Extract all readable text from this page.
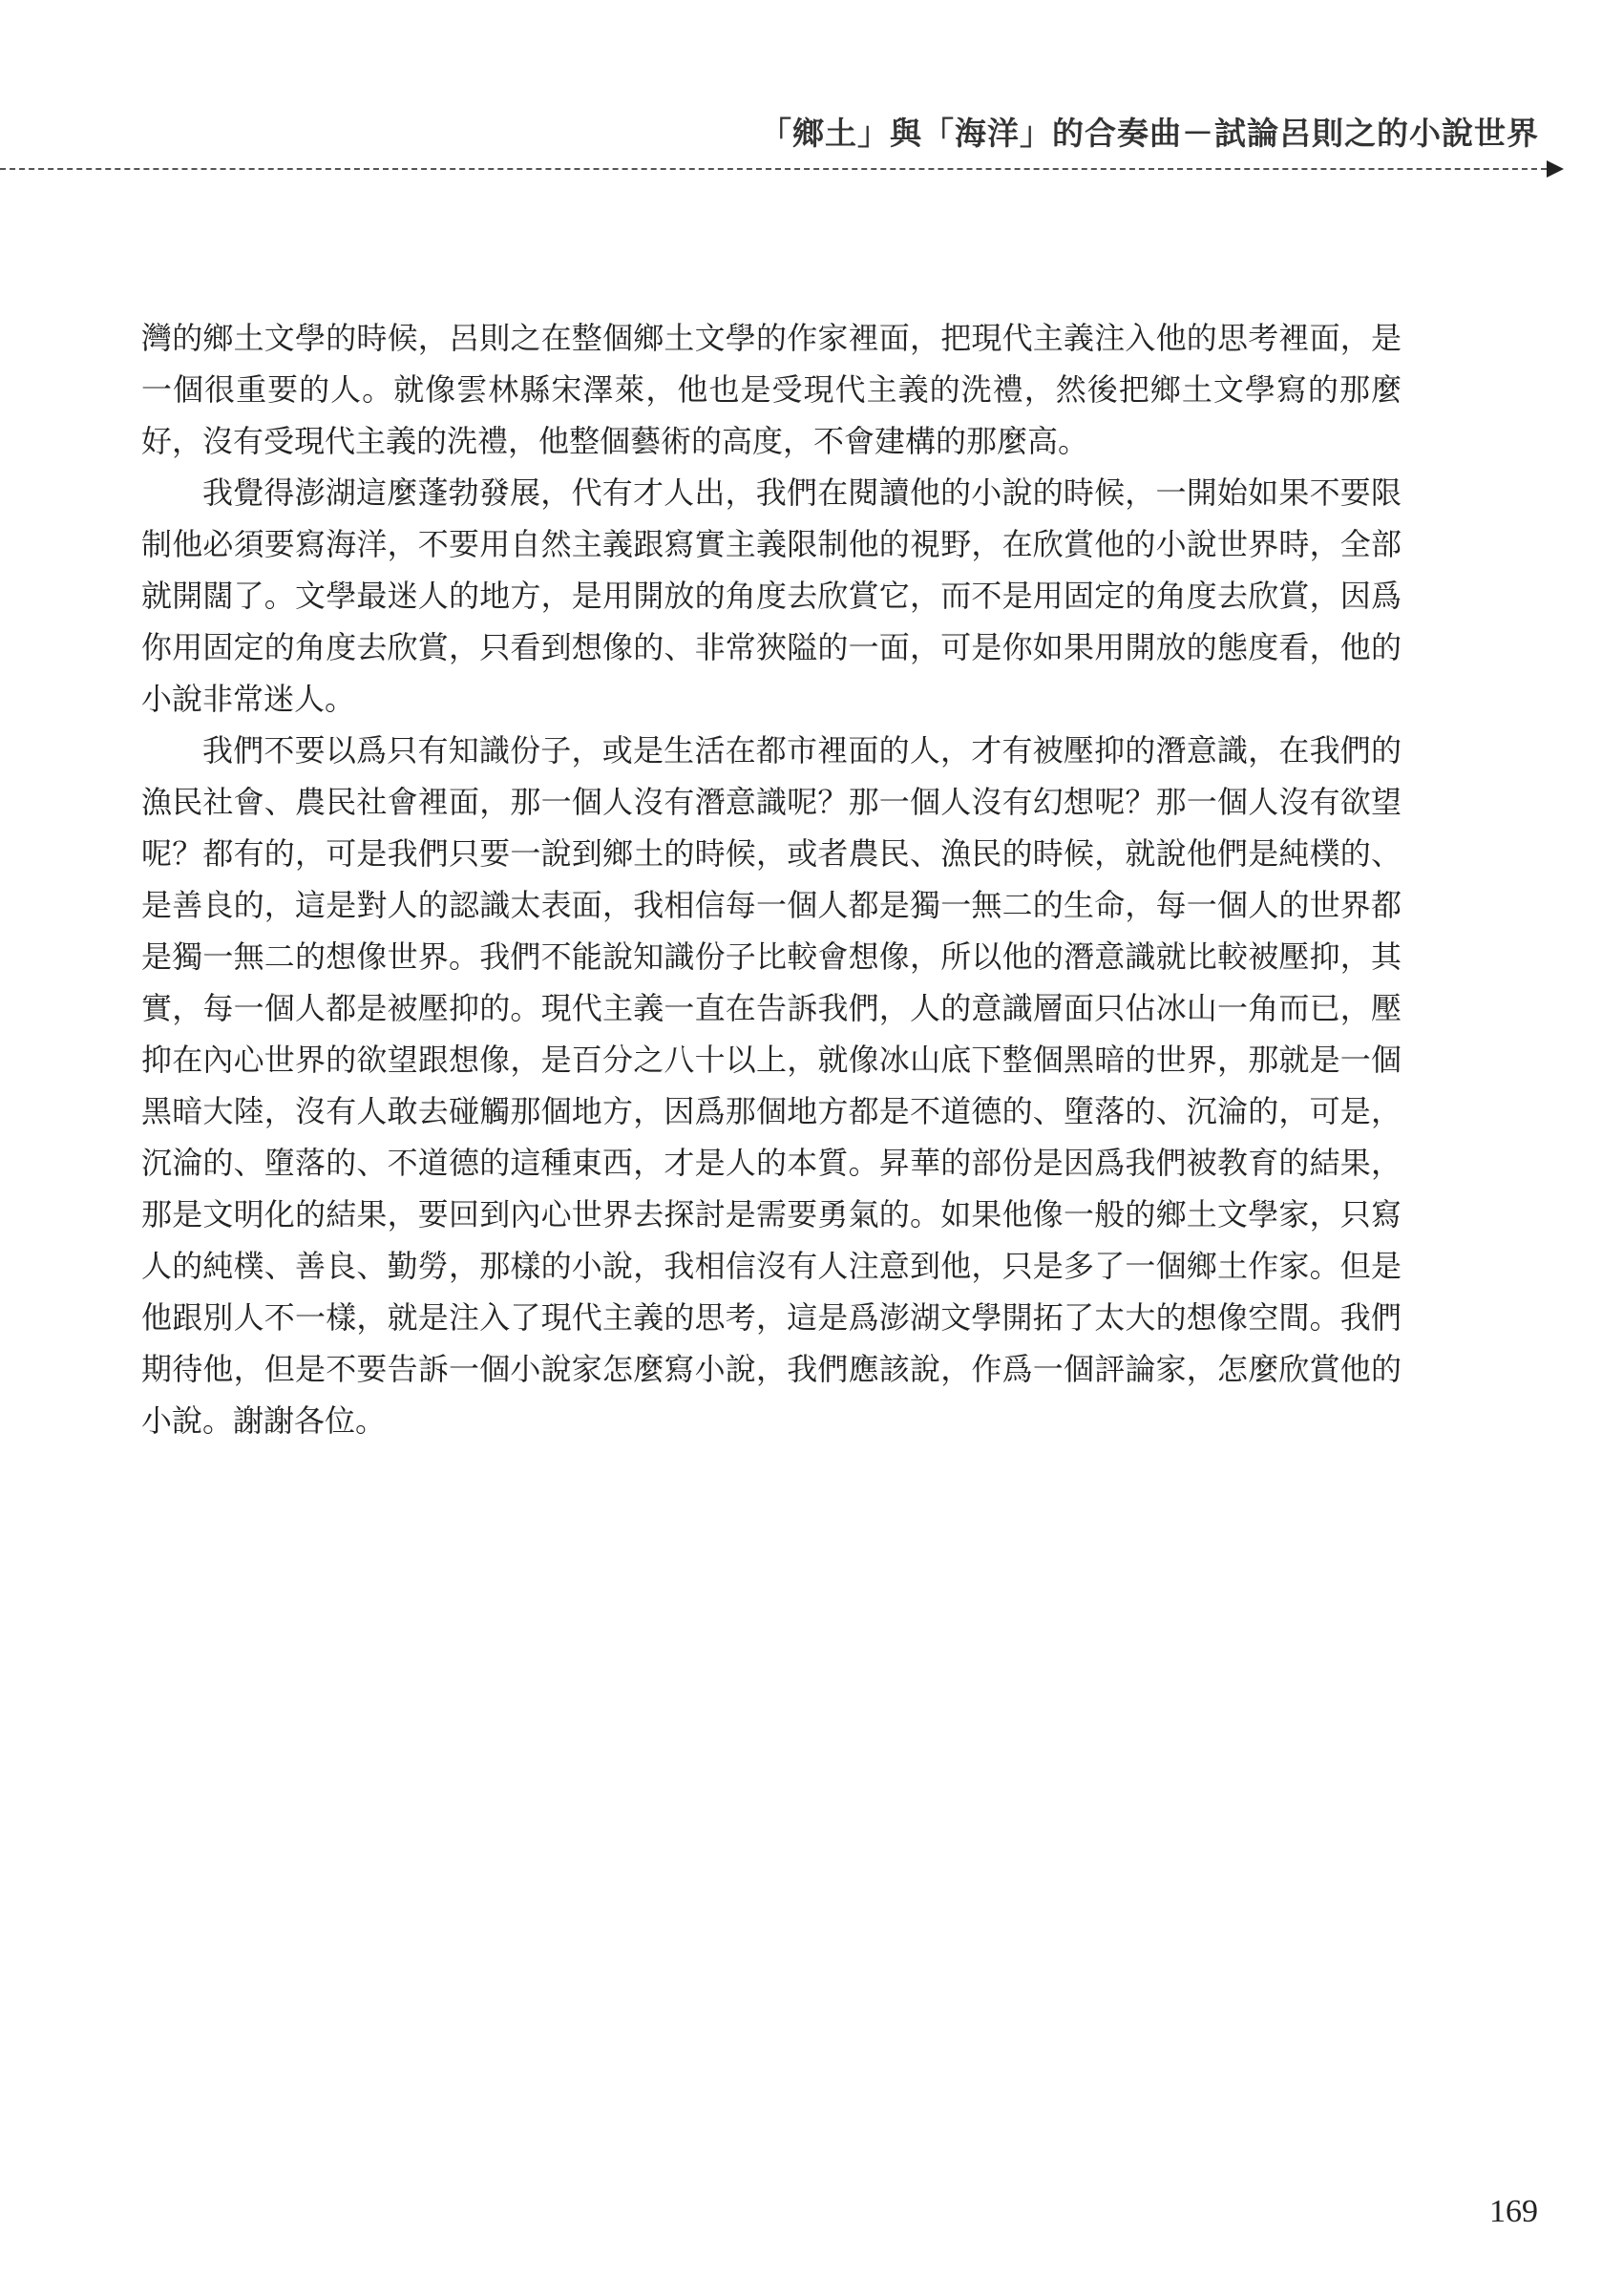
「鄉土」與「海洋」的合奏曲－試論呂則之的小說世界

灣的鄉土文學的時候，呂則之在整個鄉土文學的作家裡面，把現代主義注入他的思考裡面，是一個很重要的人。就像雲林縣宋澤萊，他也是受現代主義的洗禮，然後把鄉土文學寫的那麼好，沒有受現代主義的洗禮，他整個藝術的高度，不會建構的那麼高。

我覺得澎湖這麼蓬勃發展，代有才人出，我們在閱讀他的小說的時候，一開始如果不要限制他必須要寫海洋，不要用自然主義跟寫實主義限制他的視野，在欣賞他的小說世界時，全部就開闊了。文學最迷人的地方，是用開放的角度去欣賞它，而不是用固定的角度去欣賞，因爲你用固定的角度去欣賞，只看到想像的、非常狹隘的一面，可是你如果用開放的態度看，他的小說非常迷人。

我們不要以爲只有知識份子，或是生活在都市裡面的人，才有被壓抑的潛意識，在我們的漁民社會、農民社會裡面，那一個人沒有潛意識呢？那一個人沒有幻想呢？那一個人沒有欲望呢？都有的，可是我們只要一說到鄉土的時候，或者農民、漁民的時候，就說他們是純樸的、是善良的，這是對人的認識太表面，我相信每一個人都是獨一無二的生命，每一個人的世界都是獨一無二的想像世界。我們不能說知識份子比較會想像，所以他的潛意識就比較被壓抑，其實，每一個人都是被壓抑的。現代主義一直在告訴我們，人的意識層面只佔冰山一角而已，壓抑在內心世界的欲望跟想像，是百分之八十以上，就像冰山底下整個黑暗的世界，那就是一個黑暗大陸，沒有人敢去碰觸那個地方，因爲那個地方都是不道德的、墮落的、沉淪的，可是，沉淪的、墮落的、不道德的這種東西，才是人的本質。昇華的部份是因爲我們被教育的結果，那是文明化的結果，要回到內心世界去探討是需要勇氣的。如果他像一般的鄉土文學家，只寫人的純樸、善良、勤勞，那樣的小說，我相信沒有人注意到他，只是多了一個鄉土作家。但是他跟別人不一樣，就是注入了現代主義的思考，這是爲澎湖文學開拓了太大的想像空間。我們期待他，但是不要告訴一個小說家怎麼寫小說，我們應該說，作爲一個評論家，怎麼欣賞他的小說。謝謝各位。

169
